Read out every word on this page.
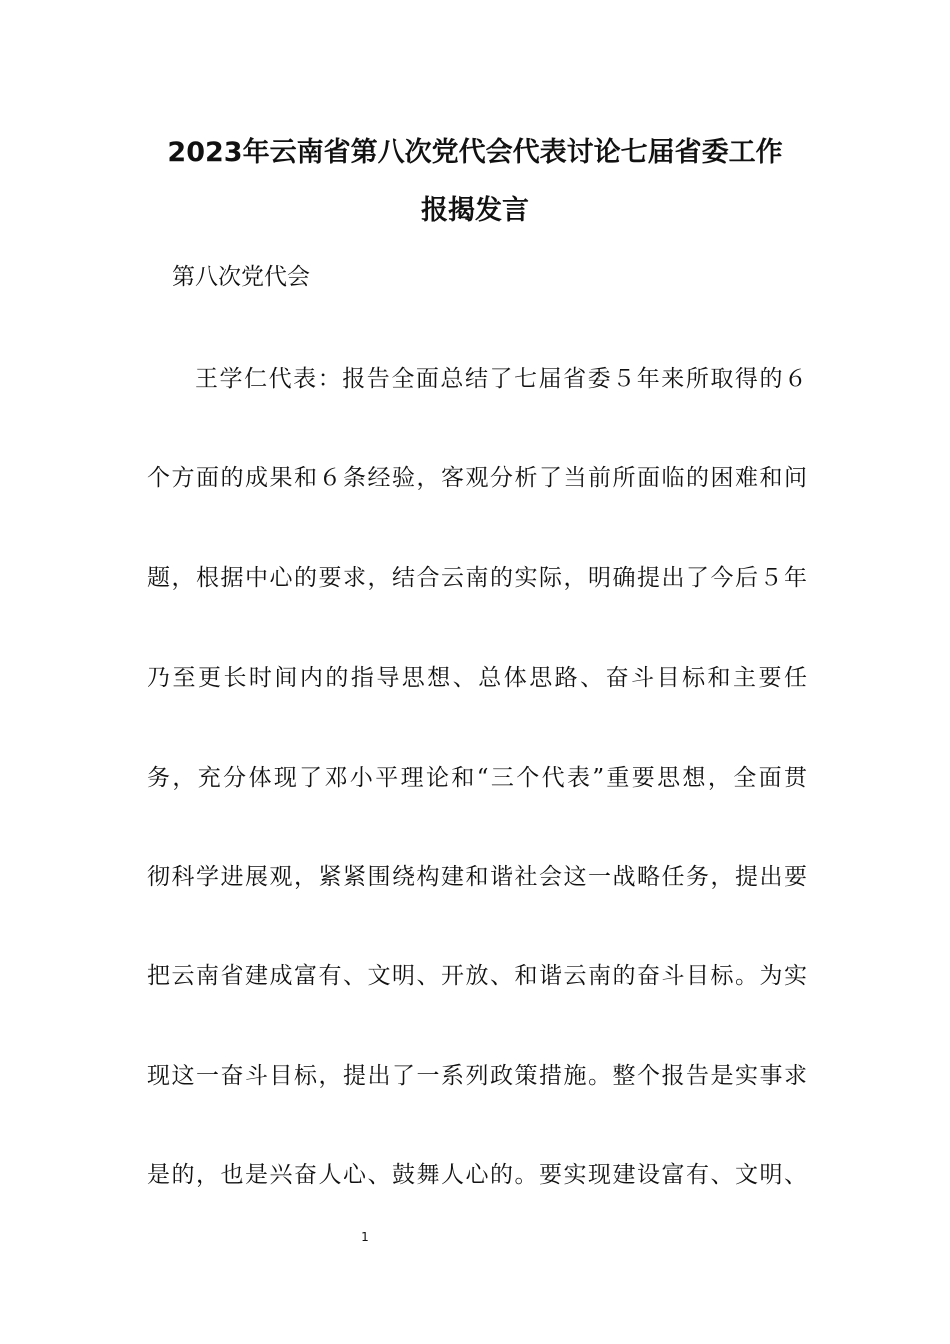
2023年云南省第八次党代会代表讨论七届省委工作
报揭发言
第八次党代会
王学仁代表：报告全面总结了七届省委５年来所取得的６
个方面的成果和６条经验，客观分析了当前所面临的困难和问
题，根据中心的要求，结合云南的实际，明确提出了今后５年
乃至更长时间内的指导思想、总体思路、奋斗目标和主要任
务，充分体现了邓小平理论和“三个代表”重要思想，全面贯
彻科学进展观，紧紧围绕构建和谐社会这一战略任务，提出要
把云南省建成富有、文明、开放、和谐云南的奋斗目标。为实
现这一奋斗目标，提出了一系列政策措施。整个报告是实事求
是的，也是兴奋人心、鼓舞人心的。要实现建设富有、文明、
1
